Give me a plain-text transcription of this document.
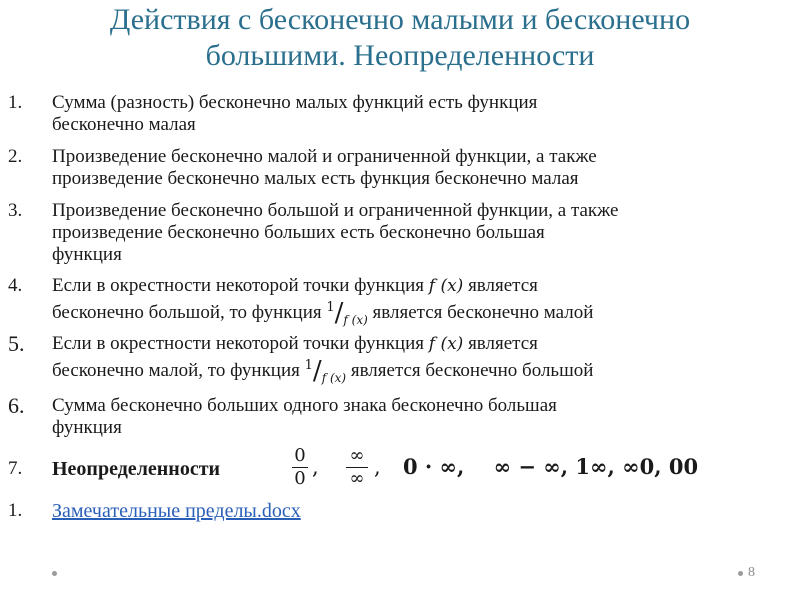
Действия с бесконечно малыми и бесконечно
большими. Неопределенности
1.	Сумма (разность) бесконечно малых функций есть функция
бесконечно малая
2.	Произведение бесконечно малой и ограниченной функции, а также
произведение бесконечно малых есть функция бесконечно малая
3.	Произведение бесконечно большой и ограниченной функции, а также
произведение бесконечно больших есть бесконечно большая
функция
4.	Если в окрестности некоторой точки функция f (x) является
бесконечно большой, то функция $^1/_{f (x)}$ является бесконечно малой
5.	Если в окрестности некоторой точки функция f (x) является
бесконечно малой, то функция $^1/_{f (x)}$ является бесконечно большой
6.	Сумма бесконечно больших одного знака бесконечно большая
функция
7.	Неопределенности
0
0 , ∞
∞ , 0 · ∞,    ∞ − ∞, 1∞, ∞0, 00
1.	Замечательные пределы.docx
8
